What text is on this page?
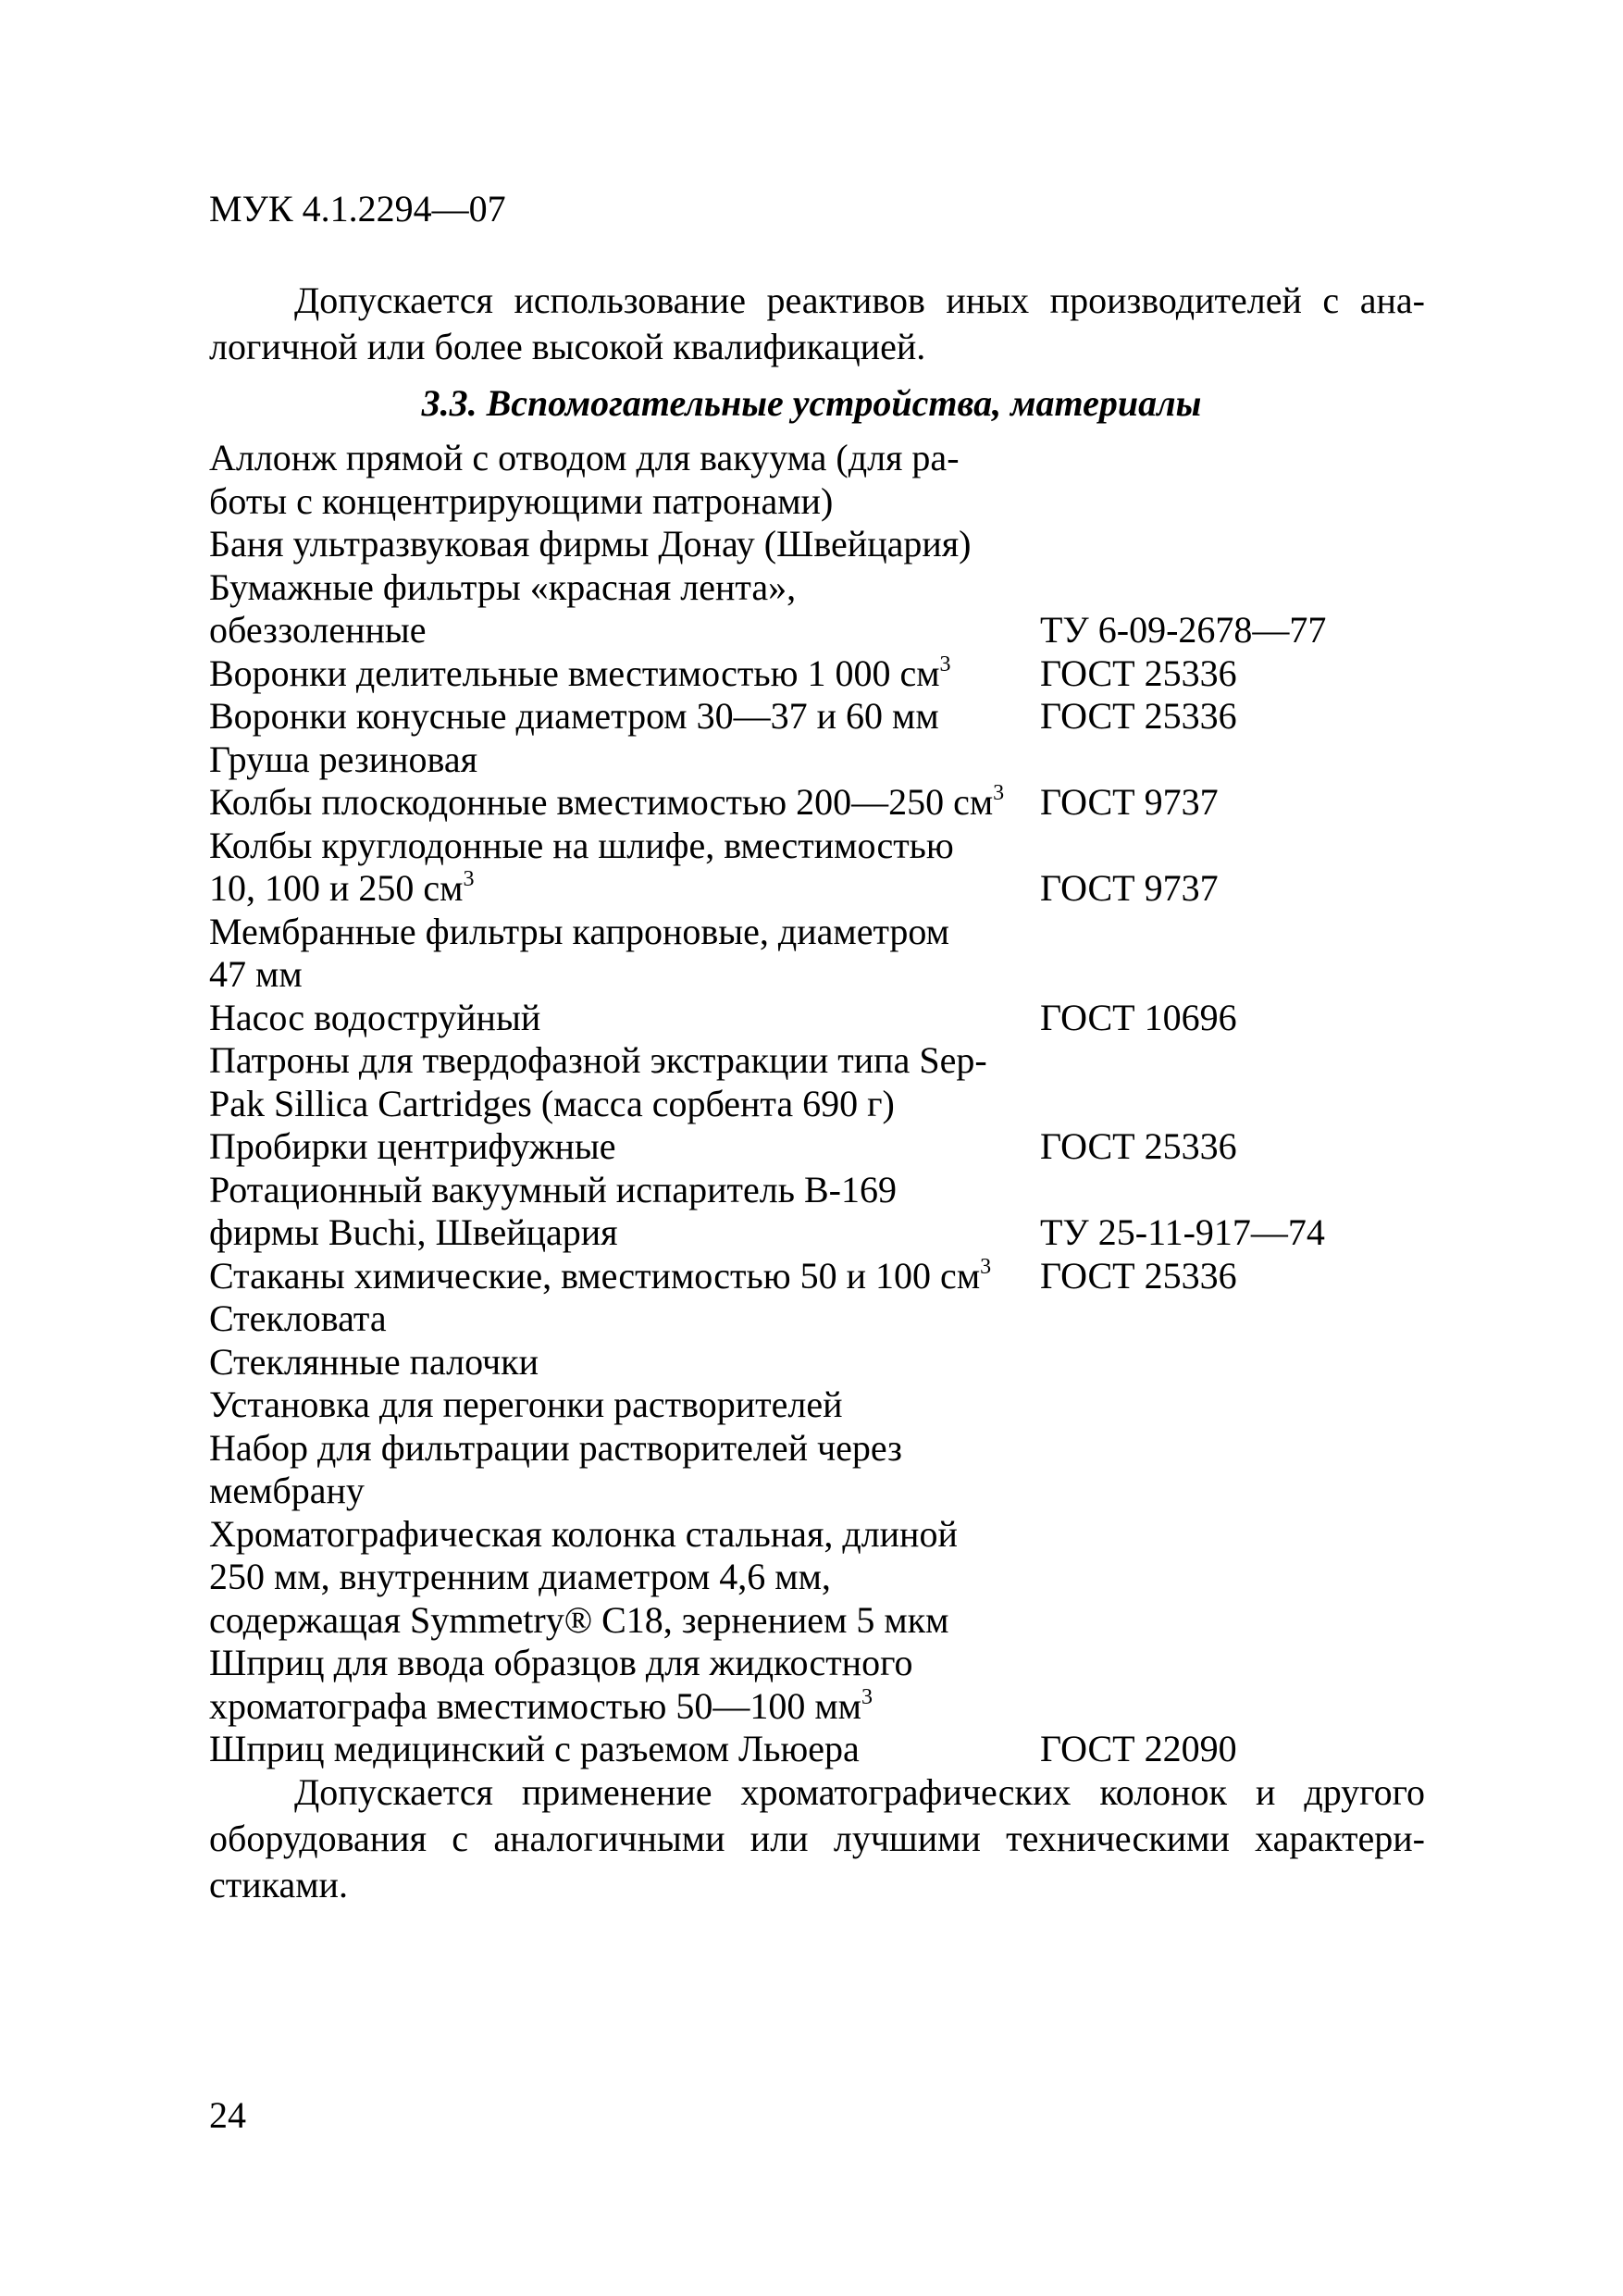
МУК 4.1.2294—07
Допускается использование реактивов иных производителей с ана-
логичной или более высокой квалификацией.
3.3. Вспомогательные устройства, материалы
Аллонж прямой с отводом для вакуума (для ра-
боты с концентрирующими патронами)
Баня ультразвуковая фирмы Донау (Швейцария)
Бумажные фильтры «красная лента»,
обеззоленные	ТУ 6-09-2678—77
Воронки делительные вместимостью 1 000 $см^3$ ГОСТ 25336
Воронки конусные диаметром 30—37 и 60 мм	ГОСТ 25336
Груша резиновая
Колбы плоскодонные вместимостью 200—250 $см^3$ ГОСТ 9737
Колбы круглодонные на шлифе, вместимостью
10, 100 и 250 $см^3$	ГОСТ 9737
Мембранные фильтры капроновые, диаметром
47 мм
Насос водоструйный	ГОСТ 10696
Патроны для твердофазной экстракции типа Sep-
Pak Sillica Cartridges (масса сорбента 690 г)
Пробирки центрифужные	ГОСТ 25336
Ротационный вакуумный испаритель В-169
фирмы Buchi, Швейцария	ТУ 25-11-917—74
Стаканы химические, вместимостью 50 и 100 $см^3$ ГОСТ 25336
Стекловата
Стеклянные палочки
Установка для перегонки растворителей
Набор для фильтрации растворителей через
мембрану
Хроматографическая колонка стальная, длиной
250 мм, внутренним диаметром 4,6 мм,
содержащая Symmetry® С18, зернением 5 мкм
Шприц для ввода образцов для жидкостного
хроматографа вместимостью 50—100 $мм^3$
Шприц медицинский с разъемом Льюера	ГОСТ 22090
Допускается применение хроматографических колонок и другого
оборудования с аналогичными или лучшими техническими характери-
стиками.
24
